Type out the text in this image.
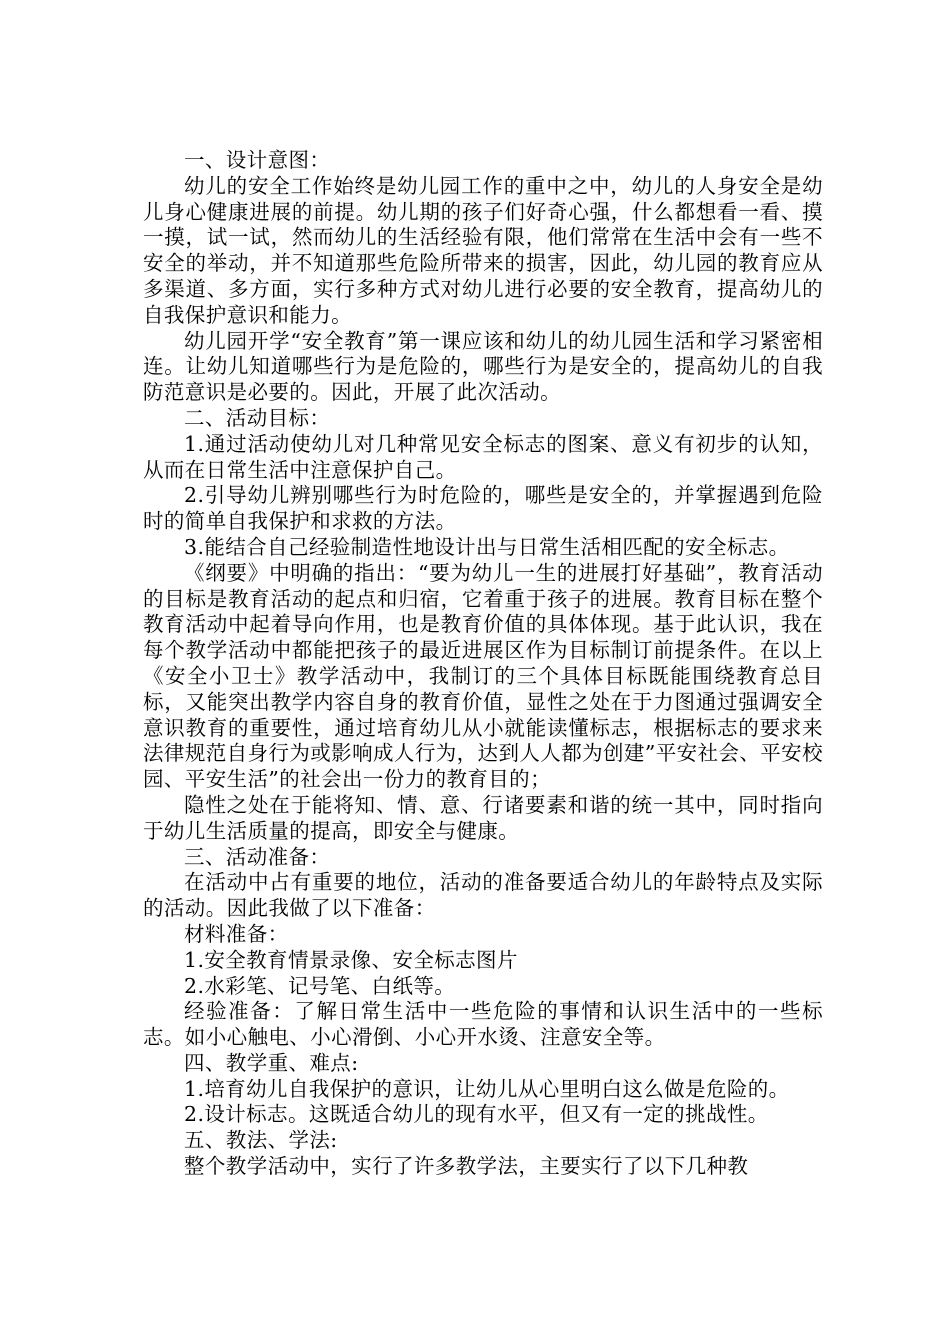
一、设计意图：

幼儿的安全工作始终是幼儿园工作的重中之中，幼儿的人身安全是幼儿身心健康进展的前提。幼儿期的孩子们好奇心强，什么都想看一看、摸一摸，试一试，然而幼儿的生活经验有限，他们常常在生活中会有一些不安全的举动，并不知道那些危险所带来的损害，因此，幼儿园的教育应从多渠道、多方面，实行多种方式对幼儿进行必要的安全教育，提高幼儿的自我保护意识和能力。

幼儿园开学“安全教育”第一课应该和幼儿的幼儿园生活和学习紧密相连。让幼儿知道哪些行为是危险的，哪些行为是安全的，提高幼儿的自我防范意识是必要的。因此，开展了此次活动。

二、活动目标：

1.通过活动使幼儿对几种常见安全标志的图案、意义有初步的认知，从而在日常生活中注意保护自己。

2.引导幼儿辨别哪些行为时危险的，哪些是安全的，并掌握遇到危险时的简单自我保护和求救的方法。

3.能结合自己经验制造性地设计出与日常生活相匹配的安全标志。

《纲要》中明确的指出：“要为幼儿一生的进展打好基础”，教育活动的目标是教育活动的起点和归宿，它着重于孩子的进展。教育目标在整个教育活动中起着导向作用，也是教育价值的具体体现。基于此认识，我在每个教学活动中都能把孩子的最近进展区作为目标制订前提条件。在以上《安全小卫士》教学活动中，我制订的三个具体目标既能围绕教育总目标，又能突出教学内容自身的教育价值，显性之处在于力图通过强调安全意识教育的重要性，通过培育幼儿从小就能读懂标志，根据标志的要求来法律规范自身行为或影响成人行为，达到人人都为创建”平安社会、平安校园、平安生活”的社会出一份力的教育目的；

隐性之处在于能将知、情、意、行诸要素和谐的统一其中，同时指向于幼儿生活质量的提高，即安全与健康。

三、活动准备：

在活动中占有重要的地位，活动的准备要适合幼儿的年龄特点及实际的活动。因此我做了以下准备：

材料准备：

1.安全教育情景录像、安全标志图片

2.水彩笔、记号笔、白纸等。

经验准备：了解日常生活中一些危险的事情和认识生活中的一些标志。如小心触电、小心滑倒、小心开水烫、注意安全等。

四、教学重、难点:

1.培育幼儿自我保护的意识，让幼儿从心里明白这么做是危险的。

2.设计标志。这既适合幼儿的现有水平，但又有一定的挑战性。

五、教法、学法:

整个教学活动中，实行了许多教学法，主要实行了以下几种教
